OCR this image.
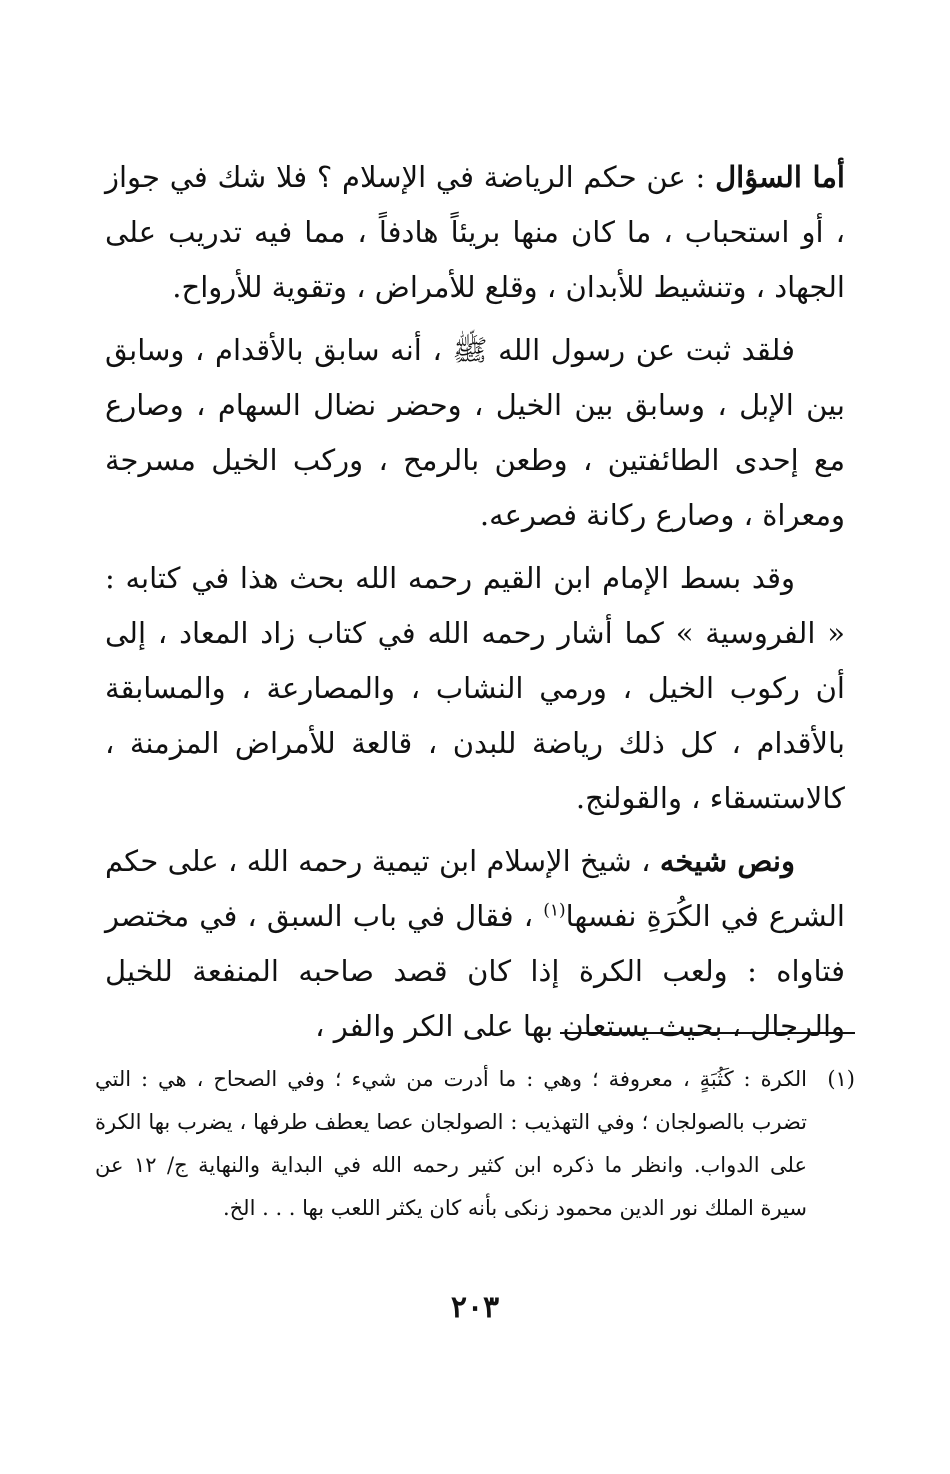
أما السؤال : عن حكم الرياضة في الإسلام ؟ فلا شك في جواز ، أو استحباب ، ما كان منها بريئاً هادفاً ، مما فيه تدريب على الجهاد ، وتنشيط للأبدان ، وقلع للأمراض ، وتقوية للأرواح.

فلقد ثبت عن رسول الله ﷺ ، أنه سابق بالأقدام ، وسابق بين الإبل ، وسابق بين الخيل ، وحضر نضال السهام ، وصارع مع إحدى الطائفتين ، وطعن بالرمح ، وركب الخيل مسرجة ومعراة ، وصارع ركانة فصرعه.

وقد بسط الإمام ابن القيم رحمه الله بحث هذا في كتابه : « الفروسية » كما أشار رحمه الله في كتاب زاد المعاد ، إلى أن ركوب الخيل ، ورمي النشاب ، والمصارعة ، والمسابقة بالأقدام ، كل ذلك رياضة للبدن ، قالعة للأمراض المزمنة ، كالاستسقاء ، والقولنج.

ونص شيخه ، شيخ الإسلام ابن تيمية رحمه الله ، على حكم الشرع في الكُرَةِ نفسها$^{(١)}$ ، فقال في باب السبق ، في مختصر فتاواه : ولعب الكرة إذا كان قصد صاحبه المنفعة للخيل والرجال ، بحيث يستعان بها على الكر والفر ،

(١)
الكرة : كَثُبَةٍ ، معروفة ؛ وهي : ما أدرت من شيء ؛ وفي الصحاح ، هي : التي تضرب بالصولجان ؛ وفي التهذيب : الصولجان عصا يعطف طرفها ، يضرب بها الكرة على الدواب. وانظر ما ذكره ابن كثير رحمه الله في البداية والنهاية ج/ ١٢ عن سيرة الملك نور الدين محمود زنكى بأنه كان يكثر اللعب بها . . . الخ.
٢٠٣
